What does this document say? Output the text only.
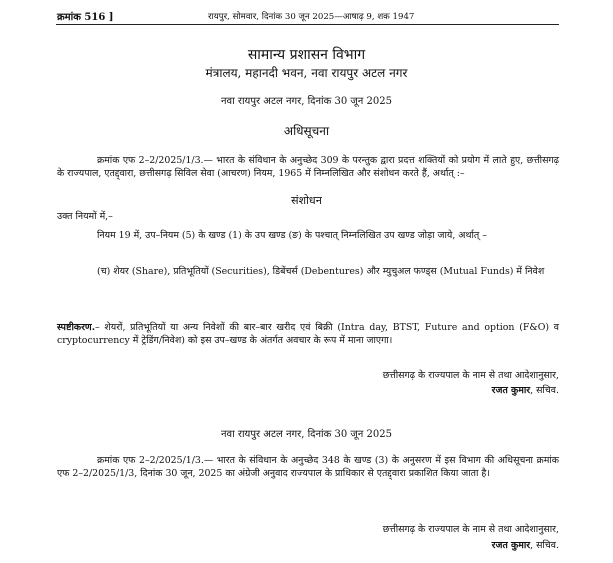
क्रमांक 516 ]	रायपुर, सोमवार, दिनांक 30 जून 2025—आषाढ़ 9, शक 1947
सामान्य प्रशासन विभाग
मंत्रालय, महानदी भवन, नवा रायपुर अटल नगर
नवा रायपुर अटल नगर, दिनांक 30 जून 2025
अधिसूचना
क्रमांक एफ 2–2/2025/1/3.— भारत के संविधान के अनुच्छेद 309 के परन्तुक द्वारा प्रदत्त शक्तियों को प्रयोग में लाते हुए, छत्तीसगढ़ के राज्यपाल, एतद्द्वारा, छत्तीसगढ़ सिविल सेवा (आचरण) नियम, 1965 में निम्नलिखित और संशोधन करते हैं, अर्थात् :–
संशोधन
उक्त नियमों में,–
नियम 19 में, उप–नियम (5) के खण्ड (1) के उप खण्ड (ङ) के पश्चात् निम्नलिखित उप खण्ड जोड़ा जाये, अर्थात् –
(च) शेयर (Share), प्रतिभूतियों (Securities), डिबेंचर्स (Debentures) और म्युचुअल फण्ड्स (Mutual Funds) में निवेश
स्पष्टीकरण.– शेयरों, प्रतिभूतियों या अन्य निवेशों की बार–बार खरीद एवं बिक्री (Intra day, BTST, Future and option (F&O) व cryptocurrency में ट्रेडिंग/निवेश) को इस उप–खण्ड के अंतर्गत अवचार के रूप में माना जाएगा।
छत्तीसगढ़ के राज्यपाल के नाम से तथा आदेशानुसार,
रजत कुमार, सचिव.
नवा रायपुर अटल नगर, दिनांक 30 जून 2025
क्रमांक एफ 2–2/2025/1/3.— भारत के संविधान के अनुच्छेद 348 के खण्ड (3) के अनुसरण में इस विभाग की अधिसूचना क्रमांक एफ 2–2/2025/1/3, दिनांक 30 जून, 2025 का अंग्रेजी अनुवाद राज्यपाल के प्राधिकार से एतद्द्वारा प्रकाशित किया जाता है।
छत्तीसगढ़ के राज्यपाल के नाम से तथा आदेशानुसार,
रजत कुमार, सचिव.
